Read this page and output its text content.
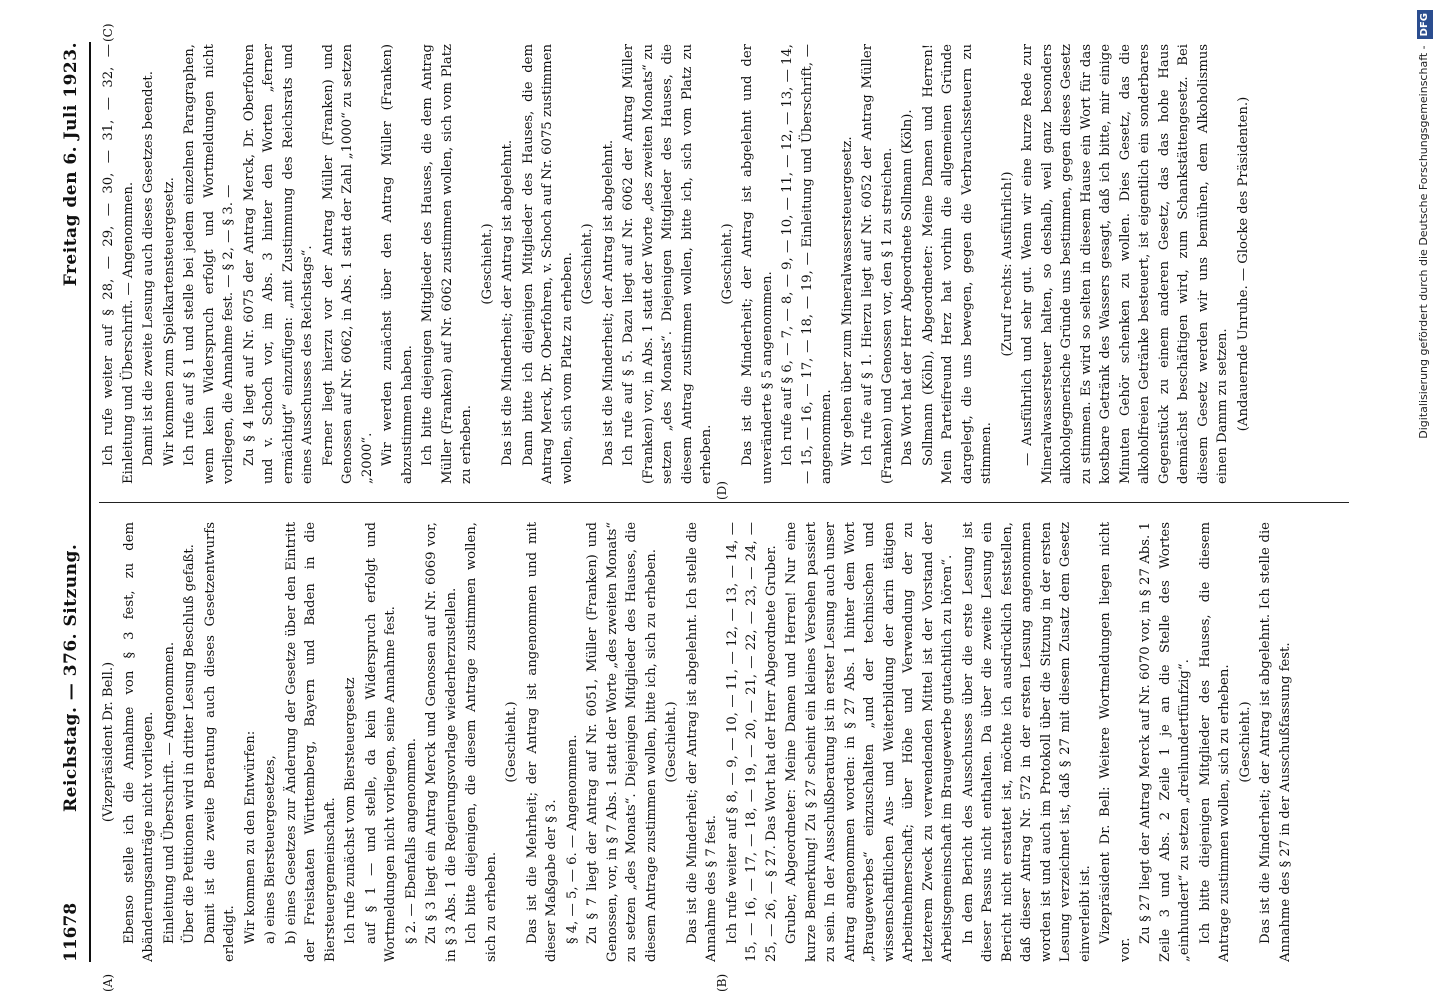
11678
Reichstag. — 376. Sitzung.
Freitag den 6. Juli 1923.

(Vizepräsident Dr. Bell.) Ebenso stelle ich die Annahme von § 3 fest, zu dem Abänderungsanträge nicht vorliegen. Einleitung und Überschrift. — Angenommen. Über die Petitionen wird in dritter Lesung Beschluß gefaßt. Damit ist die zweite Beratung auch dieses Gesetzentwurfs erledigt. Wir kommen zu den Entwürfen: a) eines Biersteuergesetzes, b) eines Gesetzes zur Änderung der Gesetze über den Eintritt der Freistaaten Württemberg, Bayern und Baden in die Biersteuergemeinschaft. Ich rufe zunächst vom Biersteuergesetz auf § 1 — und stelle, da kein Widerspruch erfolgt und Wortmeldungen nicht vorliegen, seine Annahme fest. § 2. — Ebenfalls angenommen. Zu § 3 liegt ein Antrag Merck und Genossen auf Nr. 6069 vor, in § 3 Abs. 1 die Regierungsvorlage wiederherzustellen. Ich bitte diejenigen, die diesem Antrage zustimmen wollen, sich zu erheben.

(Geschieht.) Das ist die Mehrheit; der Antrag ist angenommen und mit dieser Maßgabe der § 3. § 4, — 5, — 6. — Angenommen. Zu § 7 liegt der Antrag auf Nr. 6051, Müller (Franken) und Genossen, vor, in § 7 Abs. 1 statt der Worte „des zweiten Monats“ zu setzen „des Monats“. Diejenigen Mitglieder des Hauses, die diesem Antrage zustimmen wollen, bitte ich, sich zu erheben. (Geschieht.) Das ist die Minderheit; der Antrag ist abgelehnt. Ich stelle die Annahme des § 7 fest. Ich rufe weiter auf § 8, — 9, — 10, — 11, — 12, — 13, — 14, — 15, — 16, — 17, — 18, — 19, — 20, — 21, — 22, — 23, — 24, — 25, — 26, — § 27. Das Wort hat der Herr Abgeordnete Gruber. Gruber, Abgeordneter: Meine Damen und Herren! Nur eine kurze Bemerkung! Zu § 27 scheint ein kleines Versehen passiert zu sein. In der Ausschußberatung ist in erster Lesung auch unser Antrag angenommen worden: in § 27 Abs. 1 hinter dem Wort „Braugewerbes“ einzuschalten „und der technischen und wissenschaftlichen Aus- und Weiterbildung der darin tätigen Arbeitnehmerschaft; über Höhe und Verwendung der zu letzterem Zweck zu verwendenden Mittel ist der Vorstand der Arbeitsgemeinschaft im Braugewerbe gutachtlich zu hören“. In dem Bericht des Ausschusses über die erste Lesung ist dieser Passus nicht enthalten. Da über die zweite Lesung ein Bericht nicht erstattet ist, möchte ich ausdrücklich feststellen, daß dieser Antrag Nr. 572 in der ersten Lesung angenommen worden ist und auch im Protokoll über die Sitzung in der ersten Lesung verzeichnet ist, daß § 27 mit diesem Zusatz dem Gesetz einverleibt ist. Vizepräsident Dr. Bell: Weitere Wortmeldungen liegen nicht vor.

Zu § 27 liegt der Antrag Merck auf Nr. 6070 vor, in § 27 Abs. 1 Zeile 3 und Abs. 2 Zeile 1 je an die Stelle des Wortes „einhundert“ zu setzen „dreihundertfünfzig“. Ich bitte diejenigen Mitglieder des Hauses, die diesem Antrage zustimmen wollen, sich zu erheben. (Geschieht.) Das ist die Minderheit; der Antrag ist abgelehnt. Ich stelle die Annahme des § 27 in der Ausschußfassung fest.

Ich rufe weiter auf § 28, — 29, — 30, — 31, — 32, — Einleitung und Überschrift. — Angenommen. Damit ist die zweite Lesung auch dieses Gesetzes beendet. Wir kommen zum Spielkartensteuergesetz. Ich rufe auf § 1 und stelle bei jedem einzelnen Paragraphen, wenn kein Widerspruch erfolgt und Wortmeldungen nicht vorliegen, die Annahme fest. — § 2, — § 3. — Zu § 4 liegt auf Nr. 6075 der Antrag Merck, Dr. Oberfohren und v. Schoch vor, im Abs. 3 hinter den Worten „ferner ermächtigt“ einzufügen: „mit Zustimmung des Reichsrats und eines Ausschusses des Reichstags“. Ferner liegt hierzu vor der Antrag Müller (Franken) und Genossen auf Nr. 6062, in Abs. 1 statt der Zahl „1000“ zu setzen „2000“. Wir werden zunächst über den Antrag Müller (Franken) abzustimmen haben. Ich bitte diejenigen Mitglieder des Hauses, die dem Antrag Müller (Franken) auf Nr. 6062 zustimmen wollen, sich vom Platz zu erheben.

(Geschieht.) Das ist die Minderheit; der Antrag ist abgelehnt. Dann bitte ich diejenigen Mitglieder des Hauses, die dem Antrag Merck, Dr. Oberfohren, v. Schoch auf Nr. 6075 zustimmen wollen, sich vom Platz zu erheben. (Geschieht.) Das ist die Minderheit; der Antrag ist abgelehnt. Ich rufe auf § 5. Dazu liegt auf Nr. 6062 der Antrag Müller (Franken) vor, in Abs. 1 statt der Worte „des zweiten Monats“ zu setzen „des Monats“. Diejenigen Mitglieder des Hauses, die diesem Antrag zustimmen wollen, bitte ich, sich vom Platz zu erheben.

(Geschieht.) Das ist die Minderheit; der Antrag ist abgelehnt und der unveränderte § 5 angenommen. Ich rufe auf § 6, — 7, — 8, — 9, — 10, — 11, — 12, — 13, — 14, — 15, — 16, — 17, — 18, — 19, — Einleitung und Überschrift, — angenommen. Wir gehen über zum Mineralwassersteuergesetz. Ich rufe auf § 1. Hierzu liegt auf Nr. 6052 der Antrag Müller (Franken) und Genossen vor, den § 1 zu streichen. Das Wort hat der Herr Abgeordnete Sollmann (Köln). Sollmann (Köln), Abgeordneter: Meine Damen und Herren! Mein Parteifreund Herz hat vorhin die allgemeinen Gründe dargelegt, die uns bewegen, gegen die Verbrauchssteuern zu stimmen.

(Zuruf rechts: Ausführlich!) — Ausführlich und sehr gut. Wenn wir eine kurze Rede zur Mineralwassersteuer halten, so deshalb, weil ganz besonders alkoholgegnerische Gründe uns bestimmen, gegen dieses Gesetz zu stimmen. Es wird so selten in diesem Hause ein Wort für das kostbare Getränk des Wassers gesagt, daß ich bitte, mir einige Minuten Gehör schenken zu wollen. Dies Gesetz, das die alkoholfreien Getränke besteuert, ist eigentlich ein sonderbares Gegenstück zu einem anderen Gesetz, das das hohe Haus demnächst beschäftigen wird, zum Schankstättengesetz. Bei diesem Gesetz werden wir uns bemühen, dem Alkoholismus einen Damm zu setzen. (Andauernde Unruhe. — Glocke des Präsidenten.)

(A)	(B)
(C)
(D)
Digitalisierung gefördert durch die Deutsche Forschungsgemeinschaft -DFG
